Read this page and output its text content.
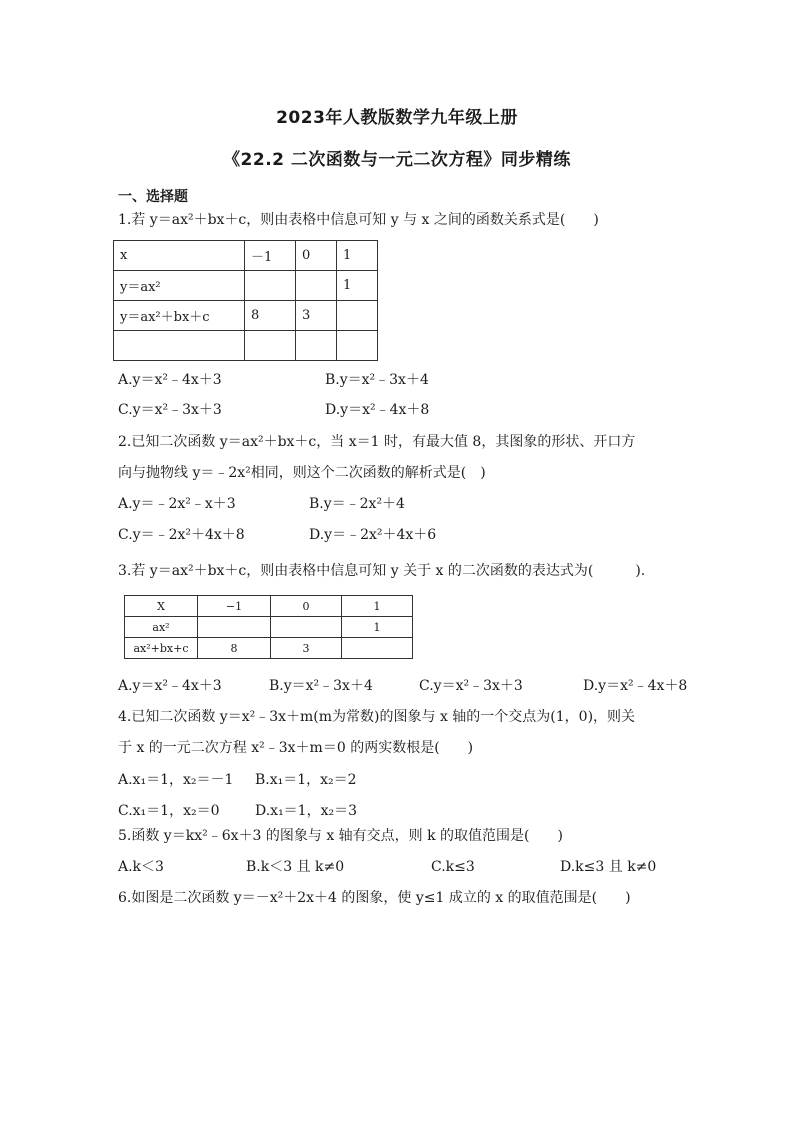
2023年人教版数学九年级上册
《22.2 二次函数与一元二次方程》同步精练
一、选择题
1.若 y＝ax²＋bx＋c，则由表格中信息可知 y 与 x 之间的函数关系式是(　　)
x	－1	0	1
y＝ax²			1
y＝ax²＋bx＋c	8	3	

A.y＝x²﹣4x＋3	B.y＝x²﹣3x＋4
C.y＝x²﹣3x＋3	D.y＝x²﹣4x＋8
2.已知二次函数 y＝ax²＋bx＋c，当 x＝1 时，有最大值 8，其图象的形状、开口方
向与抛物线 y＝﹣2x²相同，则这个二次函数的解析式是(　)
A.y＝﹣2x²﹣x＋3	B.y＝﹣2x²＋4
C.y＝﹣2x²＋4x＋8	D.y＝﹣2x²＋4x＋6
3.若 y＝ax²＋bx＋c，则由表格中信息可知 y 关于 x 的二次函数的表达式为(　　　).
X	−1	0	1
ax²			1
ax²+bx+c	8	3	
A.y＝x²﹣4x＋3	B.y＝x²﹣3x＋4	C.y＝x²﹣3x＋3	D.y＝x²﹣4x＋8
4.已知二次函数 y＝x²﹣3x＋m(m为常数)的图象与 x 轴的一个交点为(1，0)，则关
于 x 的一元二次方程 x²﹣3x＋m＝0 的两实数根是(　　)
A.x₁＝1，x₂＝－1 B.x₁＝1，x₂＝2
C.x₁＝1，x₂＝0	D.x₁＝1，x₂＝3
5.函数 y＝kx²﹣6x＋3 的图象与 x 轴有交点，则 k 的取值范围是(　　)
A.k＜3	B.k＜3 且 k≠0	C.k≤3	D.k≤3 且 k≠0
6.如图是二次函数 y＝－x²＋2x＋4 的图象，使 y≤1 成立的 x 的取值范围是(　　)
